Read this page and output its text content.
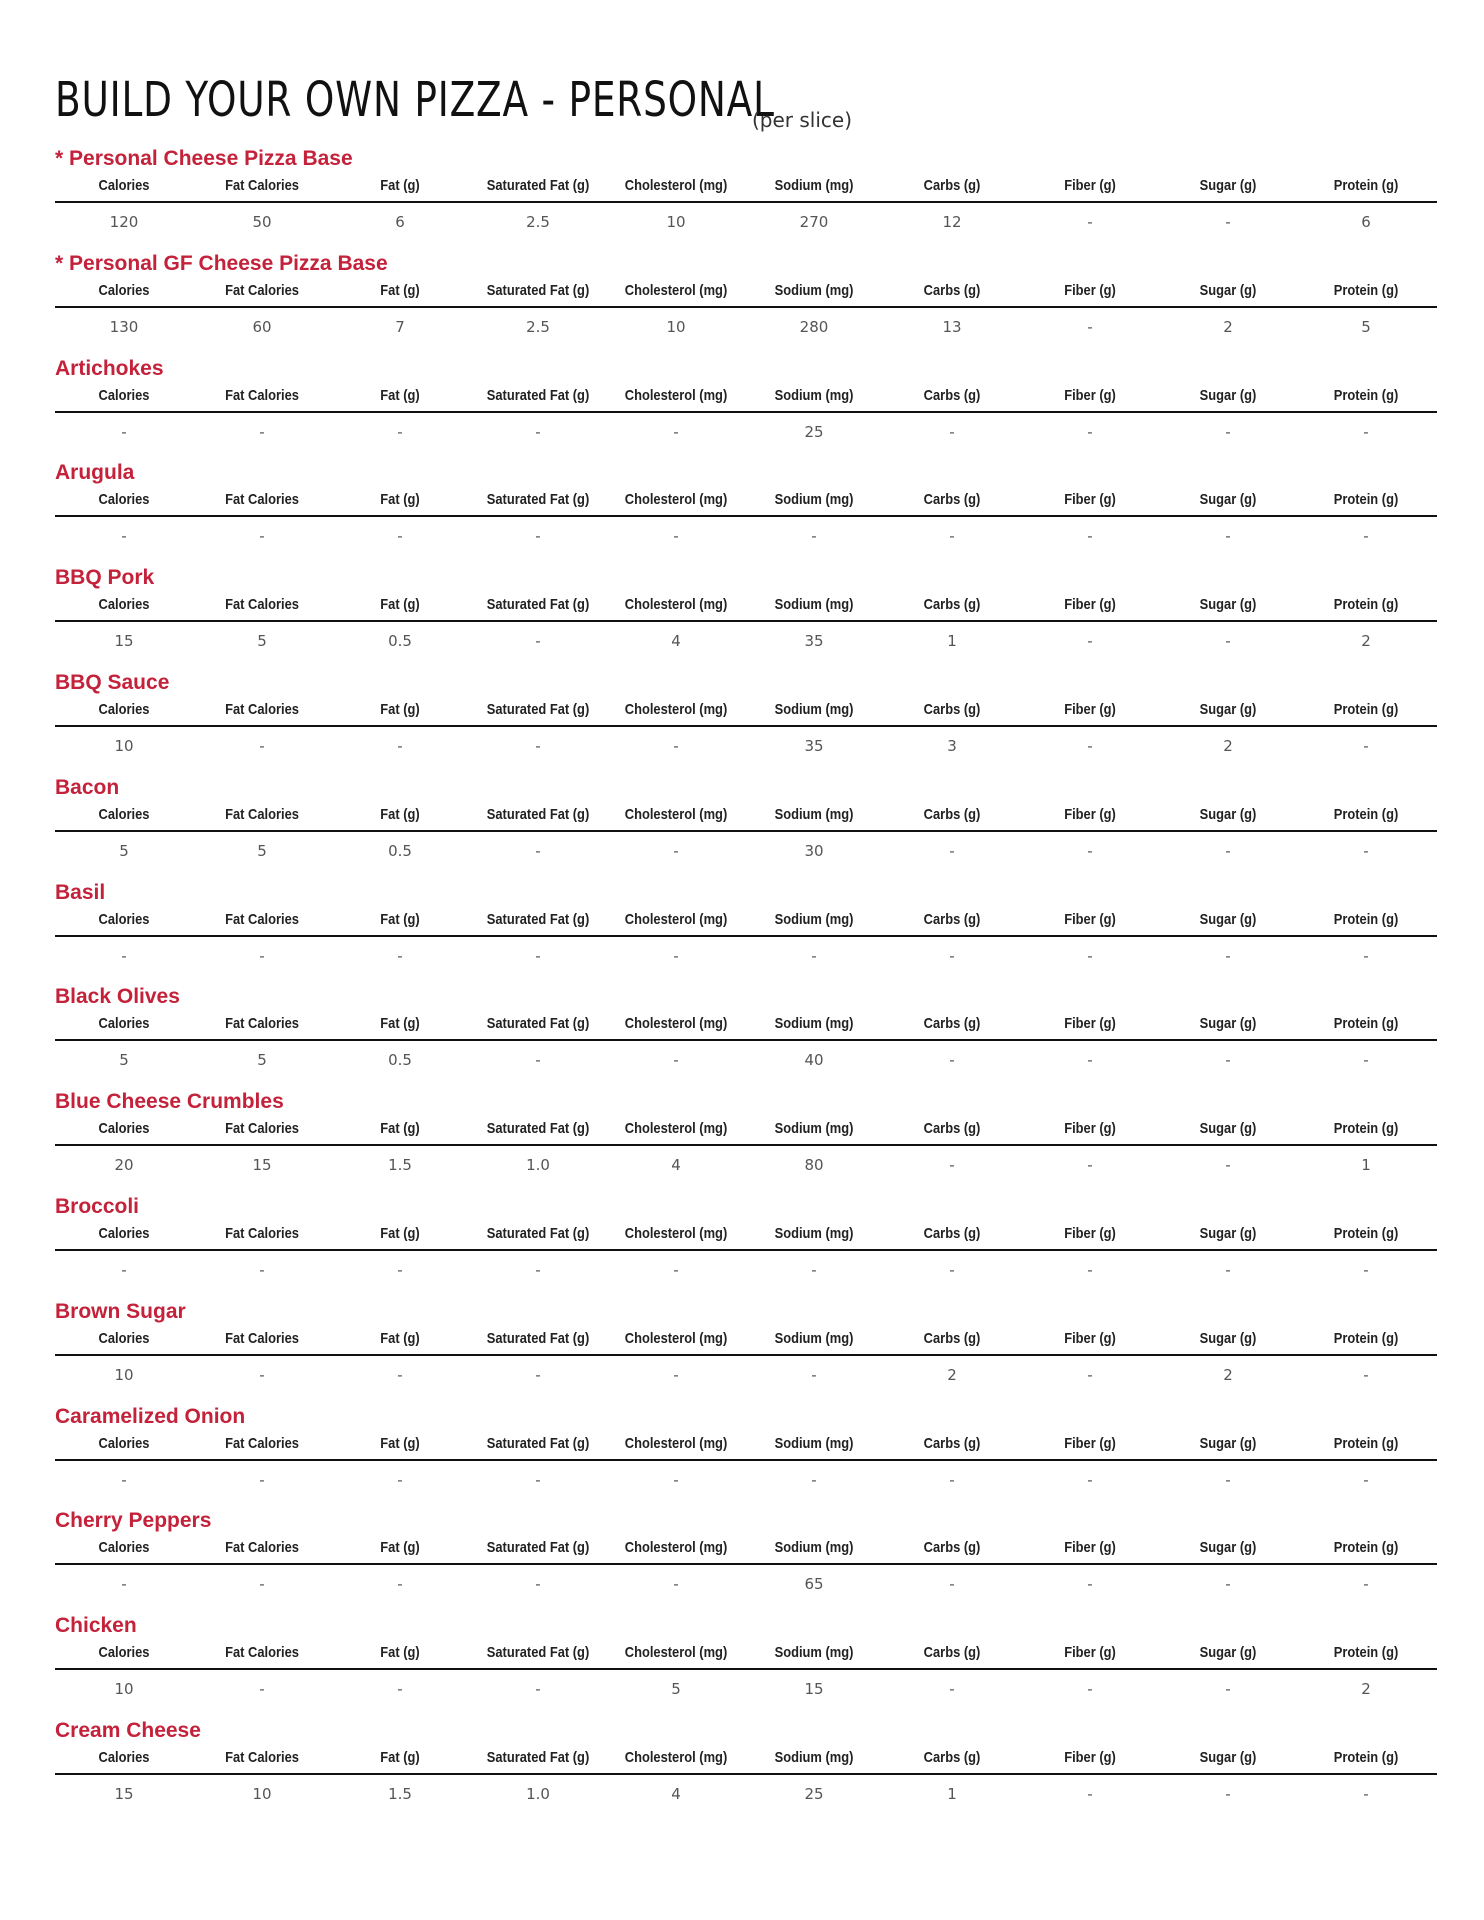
BUILD YOUR OWN PIZZA - PERSONAL
(per slice)
* Personal Cheese Pizza Base
Calories	Fat Calories	Fat (g)	Saturated Fat (g)	Cholesterol (mg)	Sodium (mg)	Carbs (g)	Fiber (g)	Sugar (g)	Protein (g)
120	50	6	2.5	10	270	12	-	-	6
* Personal GF Cheese Pizza Base
Calories	Fat Calories	Fat (g)	Saturated Fat (g)	Cholesterol (mg)	Sodium (mg)	Carbs (g)	Fiber (g)	Sugar (g)	Protein (g)
130	60	7	2.5	10	280	13	-	2	5
Artichokes
Calories	Fat Calories	Fat (g)	Saturated Fat (g)	Cholesterol (mg)	Sodium (mg)	Carbs (g)	Fiber (g)	Sugar (g)	Protein (g)
-	-	-	-	-	25	-	-	-	-
Arugula
Calories	Fat Calories	Fat (g)	Saturated Fat (g)	Cholesterol (mg)	Sodium (mg)	Carbs (g)	Fiber (g)	Sugar (g)	Protein (g)
-	-	-	-	-	-	-	-	-	-
BBQ Pork
Calories	Fat Calories	Fat (g)	Saturated Fat (g)	Cholesterol (mg)	Sodium (mg)	Carbs (g)	Fiber (g)	Sugar (g)	Protein (g)
15	5	0.5	-	4	35	1	-	-	2
BBQ Sauce
Calories	Fat Calories	Fat (g)	Saturated Fat (g)	Cholesterol (mg)	Sodium (mg)	Carbs (g)	Fiber (g)	Sugar (g)	Protein (g)
10	-	-	-	-	35	3	-	2	-
Bacon
Calories	Fat Calories	Fat (g)	Saturated Fat (g)	Cholesterol (mg)	Sodium (mg)	Carbs (g)	Fiber (g)	Sugar (g)	Protein (g)
5	5	0.5	-	-	30	-	-	-	-
Basil
Calories	Fat Calories	Fat (g)	Saturated Fat (g)	Cholesterol (mg)	Sodium (mg)	Carbs (g)	Fiber (g)	Sugar (g)	Protein (g)
-	-	-	-	-	-	-	-	-	-
Black Olives
Calories	Fat Calories	Fat (g)	Saturated Fat (g)	Cholesterol (mg)	Sodium (mg)	Carbs (g)	Fiber (g)	Sugar (g)	Protein (g)
5	5	0.5	-	-	40	-	-	-	-
Blue Cheese Crumbles
Calories	Fat Calories	Fat (g)	Saturated Fat (g)	Cholesterol (mg)	Sodium (mg)	Carbs (g)	Fiber (g)	Sugar (g)	Protein (g)
20	15	1.5	1.0	4	80	-	-	-	1
Broccoli
Calories	Fat Calories	Fat (g)	Saturated Fat (g)	Cholesterol (mg)	Sodium (mg)	Carbs (g)	Fiber (g)	Sugar (g)	Protein (g)
-	-	-	-	-	-	-	-	-	-
Brown Sugar
Calories	Fat Calories	Fat (g)	Saturated Fat (g)	Cholesterol (mg)	Sodium (mg)	Carbs (g)	Fiber (g)	Sugar (g)	Protein (g)
10	-	-	-	-	-	2	-	2	-
Caramelized Onion
Calories	Fat Calories	Fat (g)	Saturated Fat (g)	Cholesterol (mg)	Sodium (mg)	Carbs (g)	Fiber (g)	Sugar (g)	Protein (g)
-	-	-	-	-	-	-	-	-	-
Cherry Peppers
Calories	Fat Calories	Fat (g)	Saturated Fat (g)	Cholesterol (mg)	Sodium (mg)	Carbs (g)	Fiber (g)	Sugar (g)	Protein (g)
-	-	-	-	-	65	-	-	-	-
Chicken
Calories	Fat Calories	Fat (g)	Saturated Fat (g)	Cholesterol (mg)	Sodium (mg)	Carbs (g)	Fiber (g)	Sugar (g)	Protein (g)
10	-	-	-	5	15	-	-	-	2
Cream Cheese
Calories	Fat Calories	Fat (g)	Saturated Fat (g)	Cholesterol (mg)	Sodium (mg)	Carbs (g)	Fiber (g)	Sugar (g)	Protein (g)
15	10	1.5	1.0	4	25	1	-	-	-
